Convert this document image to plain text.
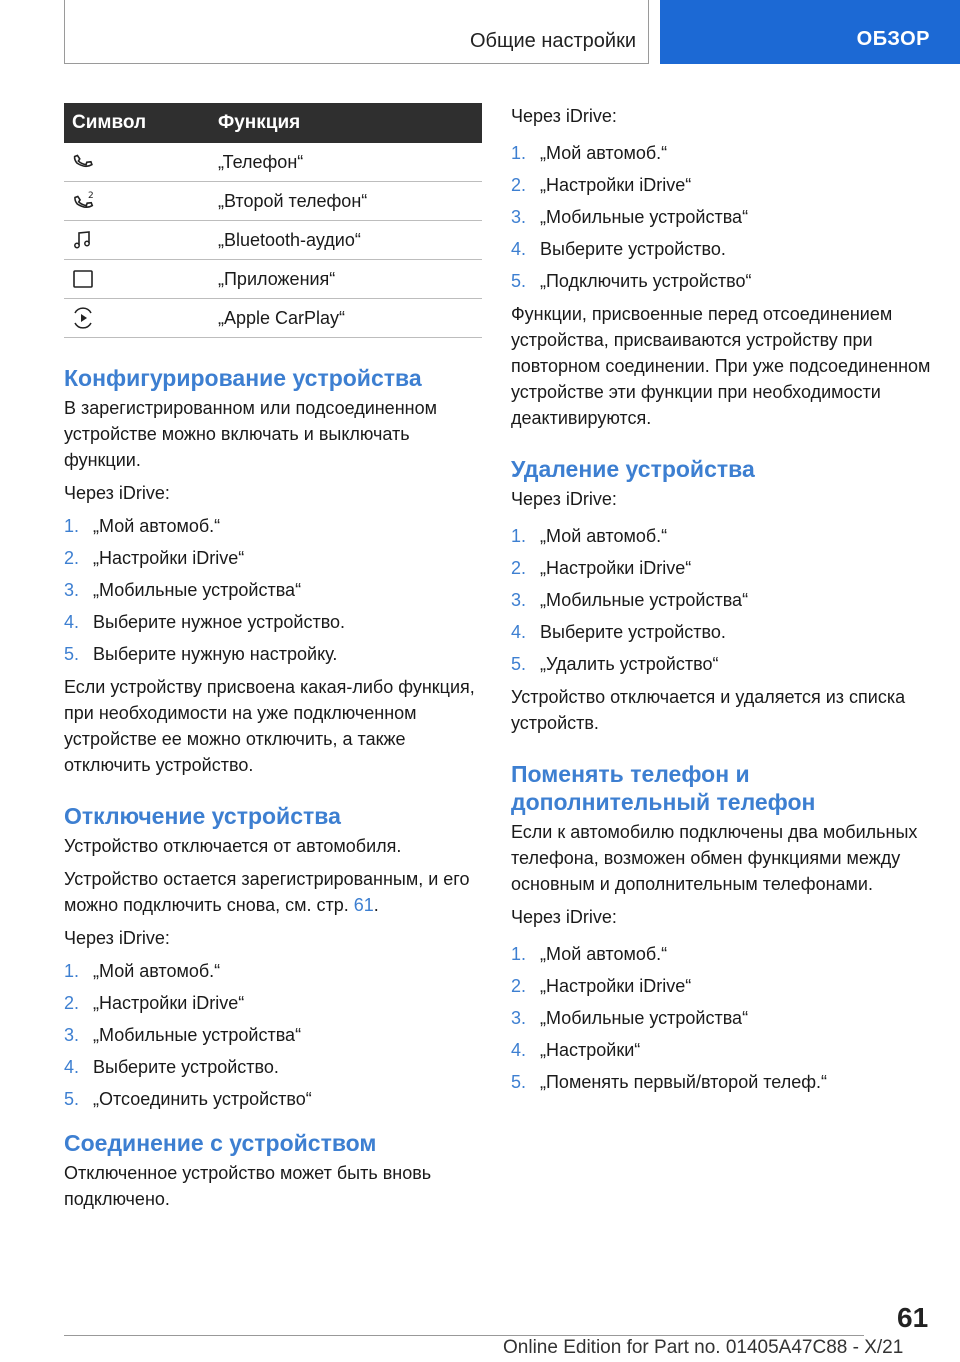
Общие настройки	ОБЗОР
Символ	Функция

	„Телефон“

2	„Второй телефон“

	„Bluetooth-аудио“

	„Приложения“

	„Apple CarPlay“
Конфигурирование устройства

В зарегистрированном или подсоединенном устройстве можно включать и выключать функции.

Через iDrive:

1. „Мой автомоб.“
2. „Настройки iDrive“
3. „Мобильные устройства“
4. Выберите нужное устройство.
5. Выберите нужную настройку.

Если устройству присвоена какая-либо функция, при необходимости на уже подключенном устройстве ее можно отключить, а также отключить устройство.

Отключение устройства

Устройство отключается от автомобиля.

Устройство остается зарегистрированным, и его можно подключить снова, см. стр. 61.

Через iDrive:

1. „Мой автомоб.“
2. „Настройки iDrive“
3. „Мобильные устройства“
4. Выберите устройство.
5. „Отсоединить устройство“
Соединение с устройством

Отключенное устройство может быть вновь подключено.

Через iDrive:

1. „Мой автомоб.“
2. „Настройки iDrive“
3. „Мобильные устройства“
4. Выберите устройство.
5. „Подключить устройство“

Функции, присвоенные перед отсоединением устройства, присваиваются устройству при повторном соединении. При уже подсоединенном устройстве эти функции при необходимости деактивируются.

Удаление устройства

Через iDrive:

1. „Мой автомоб.“
2. „Настройки iDrive“
3. „Мобильные устройства“
4. Выберите устройство.
5. „Удалить устройство“

Устройство отключается и удаляется из списка устройств.

Поменять телефон и
дополнительный телефон

Если к автомобилю подключены два мобильных телефона, возможен обмен функциями между основным и дополнительным телефонами.

Через iDrive:

1. „Мой автомоб.“
2. „Настройки iDrive“
3. „Мобильные устройства“
4. „Настройки“
5. „Поменять первый/второй телеф.“
61
Online Edition for Part no. 01405A47C88 - X/21
